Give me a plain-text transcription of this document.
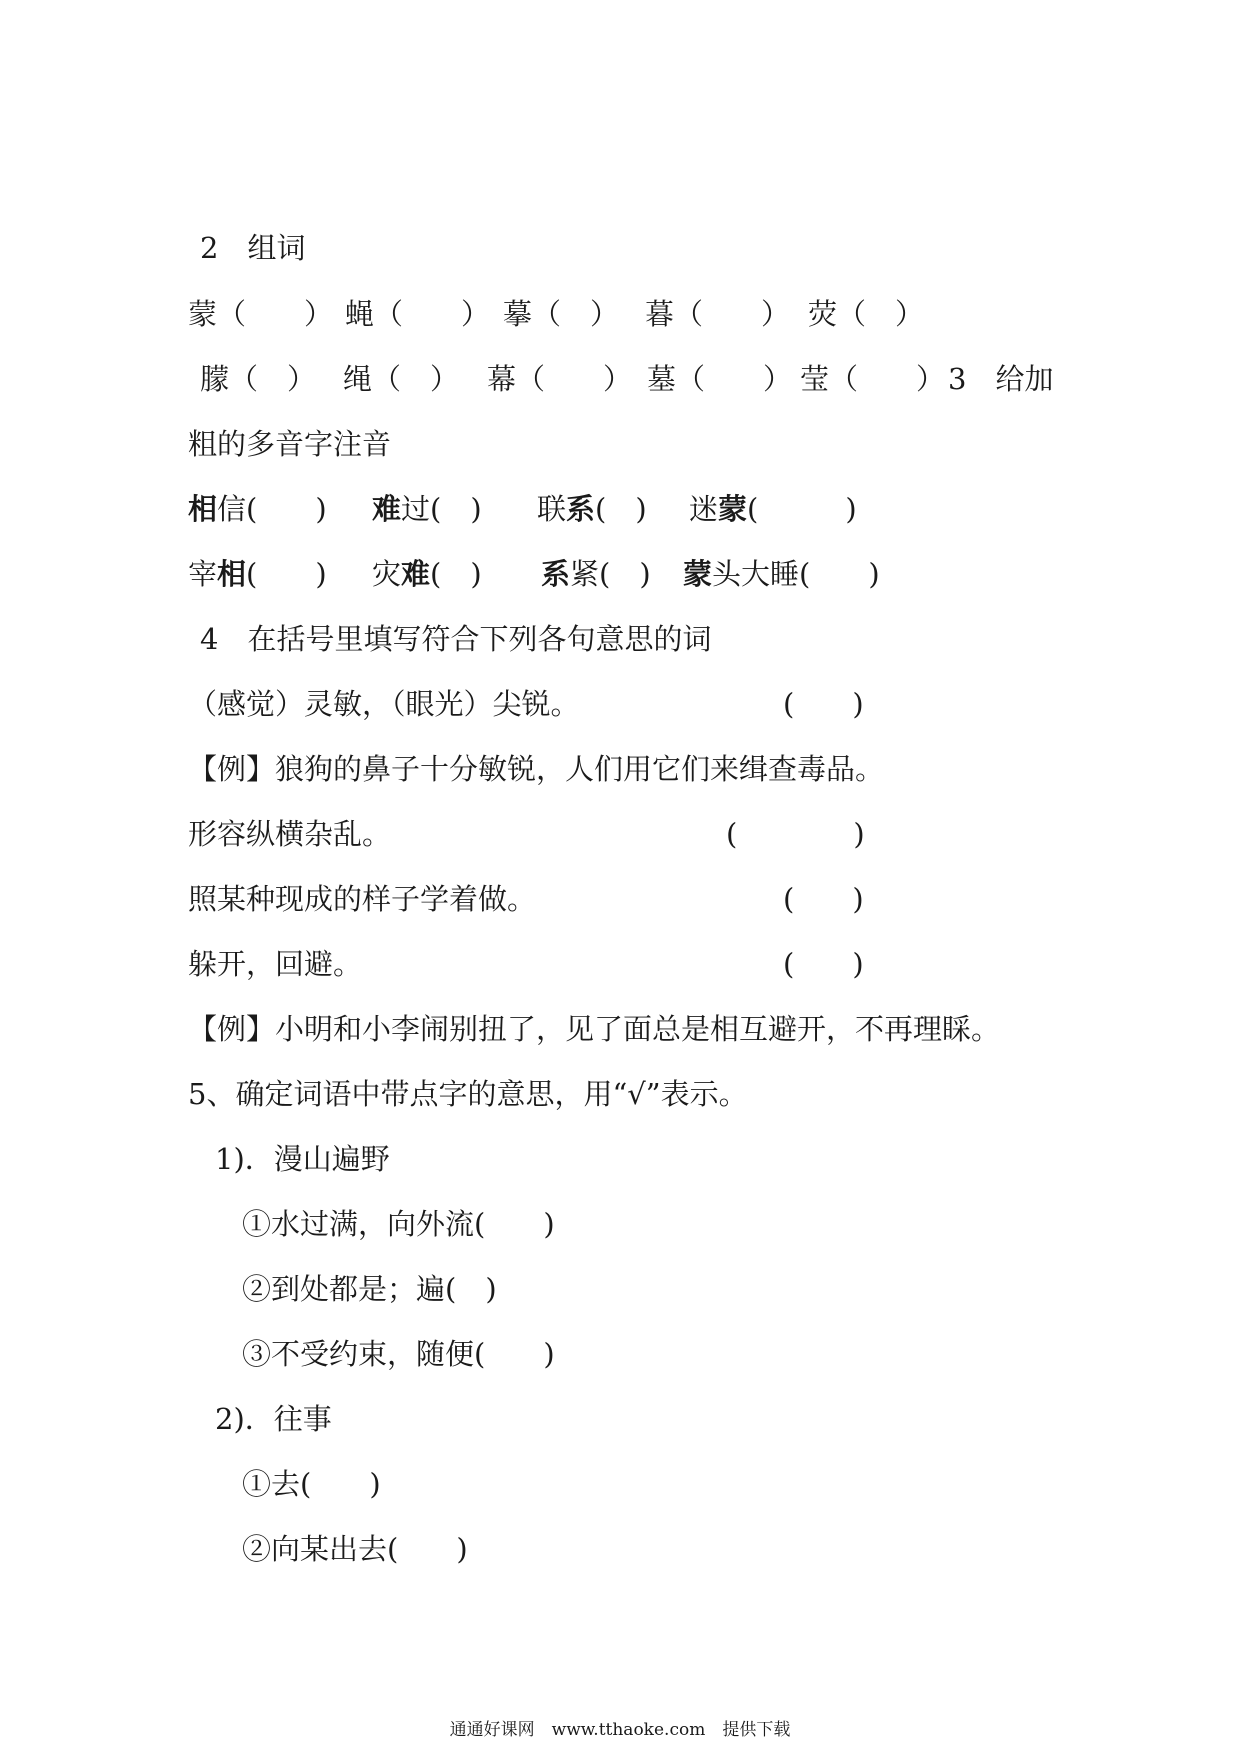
2　组词
蒙（　　） 蝇（　　） 摹（　） 暮（　　） 荧（　）
朦（　） 绳（　） 幕（　　） 墓（　　） 莹（　　） 3　给加
粗的多音字注音
相信(　　) 难过(　) 联系(　) 迷蒙(　　　)
宰相(　　) 灾难(　) 系紧(　) 蒙头大睡(　　)
4　在括号里填写符合下列各句意思的词
（感觉）灵敏，（眼光）尖锐。	(　　)
【例】狼狗的鼻子十分敏锐，人们用它们来缉查毒品。
形容纵横杂乱。	(　　　　)
照某种现成的样子学着做。	(　　)
躲开，回避。	(　　)
【例】小明和小李闹别扭了，见了面总是相互避开，不再理睬。
5、确定词语中带点字的意思，用“√”表示。
1)．漫山遍野
①水过满，向外流(　　)
②到处都是；遍(　)
③不受约束，随便(　　)
2)．往事
①去(　　)
②向某出去(　　)
通通好课网　www.tthaoke.com　提供下载
